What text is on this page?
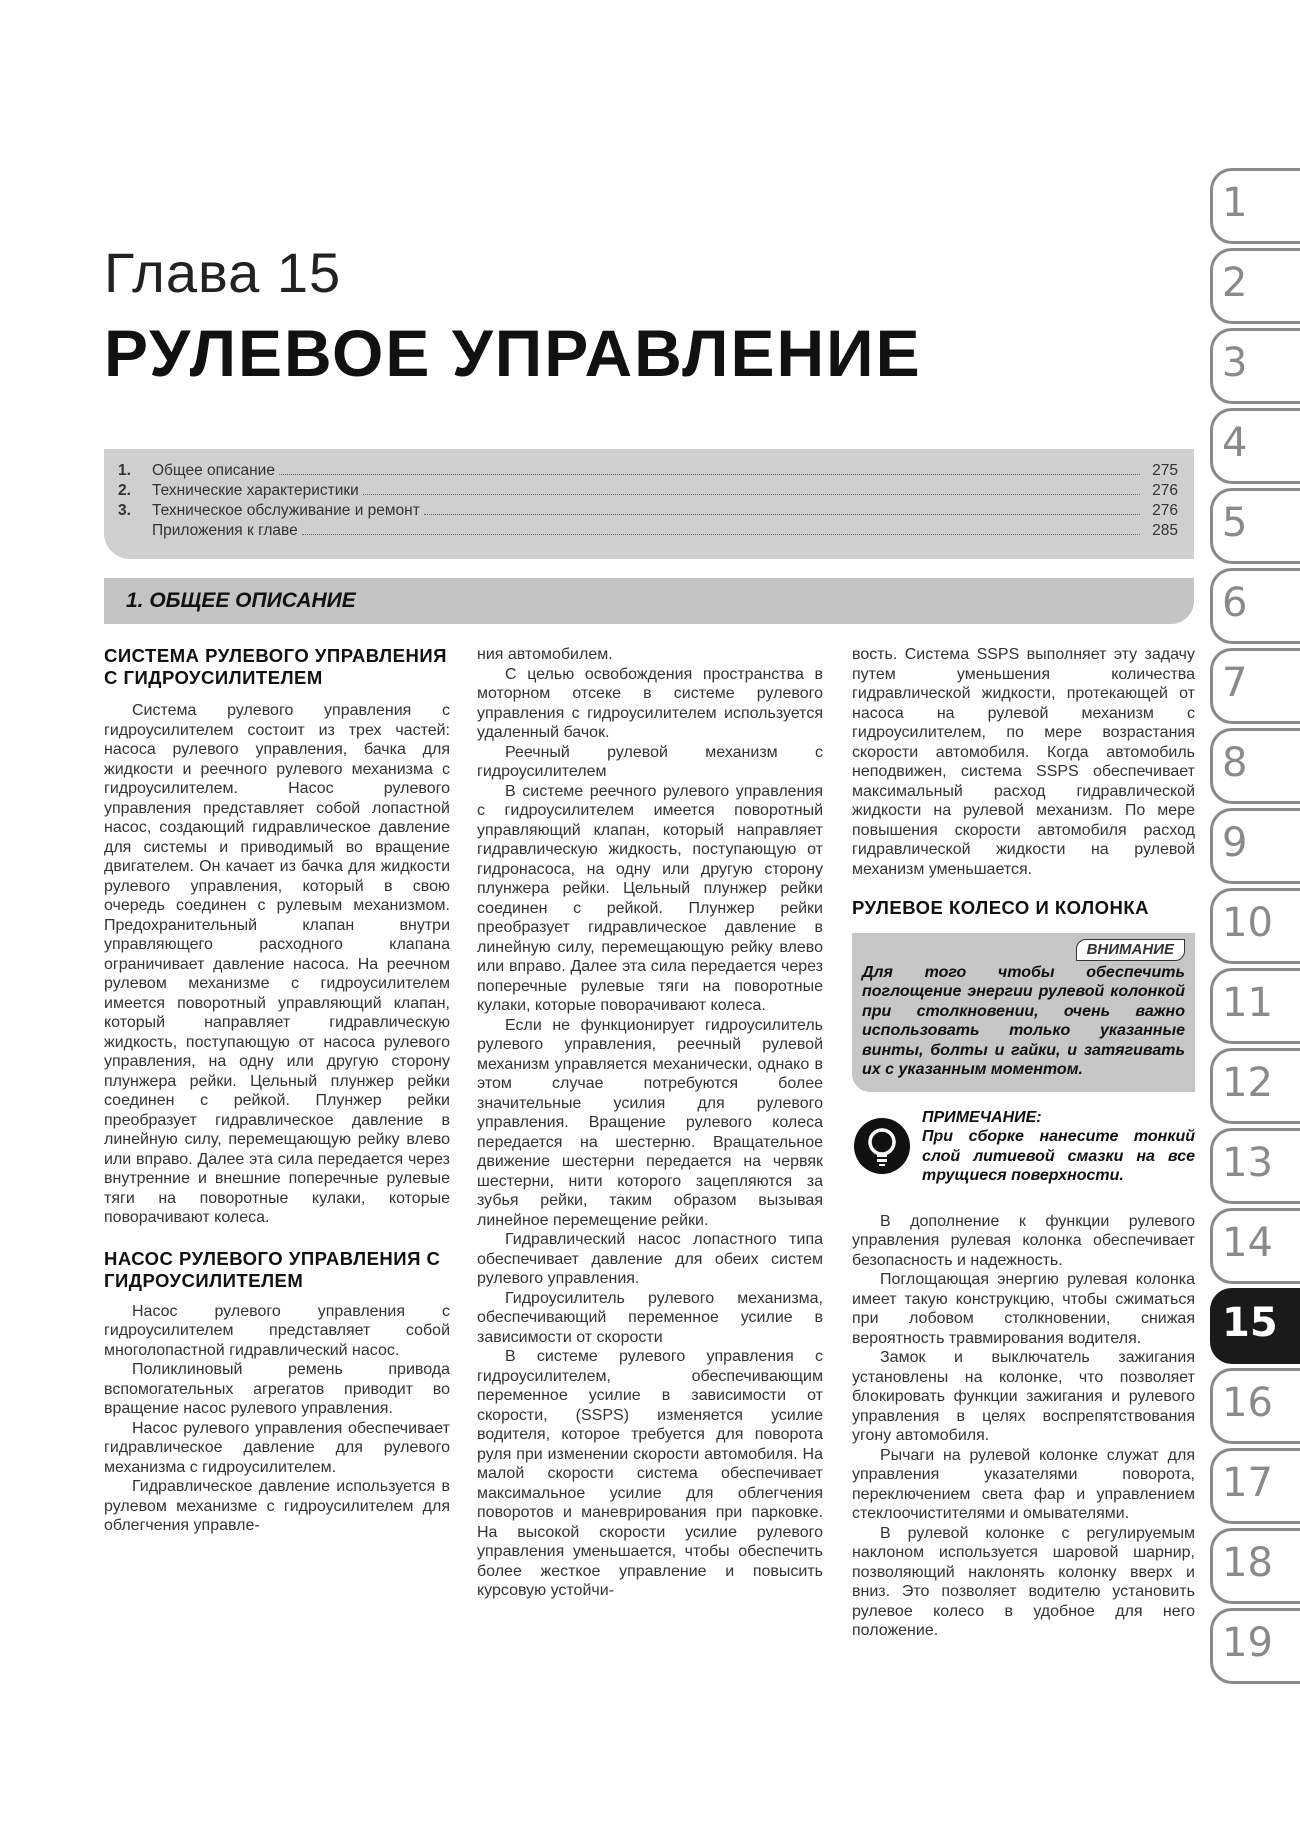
Глава 15
РУЛЕВОЕ УПРАВЛЕНИЕ
1.	Общее описание	275
2.	Технические характеристики	276
3.	Техническое обслуживание и ремонт	276
Приложения к главе	285
1. ОБЩЕЕ ОПИСАНИЕ
СИСТЕМА РУЛЕВОГО УПРАВЛЕНИЯ С ГИДРОУСИЛИТЕЛЕМ

Система рулевого управления с гидроусилителем состоит из трех частей: насоса рулевого управления, бачка для жидкости и реечного рулевого механизма с гидроусилителем. Насос рулевого управления представляет собой лопастной насос, создающий гидравлическое давление для системы и приводимый во вращение двигателем. Он качает из бачка для жидкости рулевого управления, который в свою очередь соединен с рулевым механизмом. Предохранительный клапан внутри управляющего расходного клапана ограничивает давление насоса. На реечном рулевом механизме с гидроусилителем имеется поворотный управляющий клапан, который направляет гидравлическую жидкость, поступающую от насоса рулевого управления, на одну или другую сторону плунжера рейки. Цельный плунжер рейки соединен с рейкой. Плунжер рейки преобразует гидравлическое давление в линейную силу, перемещающую рейку влево или вправо. Далее эта сила передается через внутренние и внешние поперечные рулевые тяги на поворотные кулаки, которые поворачивают колеса.

НАСОС РУЛЕВОГО УПРАВЛЕНИЯ С ГИДРОУСИЛИТЕЛЕМ

Насос рулевого управления с гидроусилителем представляет собой многолопастной гидравлический насос.

Поликлиновый ремень привода вспомогательных агрегатов приводит во вращение насос рулевого управления.

Насос рулевого управления обеспечивает гидравлическое давление для рулевого механизма с гидроусилителем.

Гидравлическое давление используется в рулевом механизме с гидроусилителем для облегчения управле-

ния автомобилем.

С целью освобождения пространства в моторном отсеке в системе рулевого управления с гидроусилителем используется удаленный бачок.

Реечный рулевой механизм с гидроусилителем

В системе реечного рулевого управления с гидроусилителем имеется поворотный управляющий клапан, который направляет гидравлическую жидкость, поступающую от гидронасоса, на одну или другую сторону плунжера рейки. Цельный плунжер рейки соединен с рейкой. Плунжер рейки преобразует гидравлическое давление в линейную силу, перемещающую рейку влево или вправо. Далее эта сила передается через поперечные рулевые тяги на поворотные кулаки, которые поворачивают колеса.

Если не функционирует гидроусилитель рулевого управления, реечный рулевой механизм управляется механически, однако в этом случае потребуются более значительные усилия для рулевого управления. Вращение рулевого колеса передается на шестерню. Вращательное движение шестерни передается на червяк шестерни, нити которого зацепляются за зубья рейки, таким образом вызывая линейное перемещение рейки.

Гидравлический насос лопастного типа обеспечивает давление для обеих систем рулевого управления.

Гидроусилитель рулевого механизма, обеспечивающий переменное усилие в зависимости от скорости

В системе рулевого управления с гидроусилителем, обеспечивающим переменное усилие в зависимости от скорости, (SSPS) изменяется усилие водителя, которое требуется для поворота руля при изменении скорости автомобиля. На малой скорости система обеспечивает максимальное усилие для облегчения поворотов и маневрирования при парковке. На высокой скорости усилие рулевого управления уменьшается, чтобы обеспечить более жесткое управление и повысить курсовую устойчи-

вость. Система SSPS выполняет эту задачу путем уменьшения количества гидравлической жидкости, протекающей от насоса на рулевой механизм с гидроусилителем, по мере возрастания скорости автомобиля. Когда автомобиль неподвижен, система SSPS обеспечивает максимальный расход гидравлической жидкости на рулевой механизм. По мере повышения скорости автомобиля расход гидравлической жидкости на рулевой механизм уменьшается.

РУЛЕВОЕ КОЛЕСО И КОЛОНКА
ВНИМАНИЕ
Для того чтобы обеспечить поглощение энергии рулевой колонкой при столкновении, очень важно использовать только указанные винты, болты и гайки, и затягивать их с указанным моментом.
ПРИМЕЧАНИЕ:
При сборке нанесите тонкий слой литиевой смазки на все трущиеся поверхности.

В дополнение к функции рулевого управления рулевая колонка обеспечивает безопасность и надежность.

Поглощающая энергию рулевая колонка имеет такую конструкцию, чтобы сжиматься при лобовом столкновении, снижая вероятность травмирования водителя.

Замок и выключатель зажигания установлены на колонке, что позволяет блокировать функции зажигания и рулевого управления в целях воспрепятствования угону автомобиля.

Рычаги на рулевой колонке служат для управления указателями поворота, переключением света фар и управлением стеклоочистителями и омывателями.

В рулевой колонке с регулируемым наклоном используется шаровой шарнир, позволяющий наклонять колонку вверх и вниз. Это позволяет водителю установить рулевое колесо в удобное для него положение.

1
2
3
4
5
6
7
8
9
10
11
12
13
14
15
16
17
18
19
